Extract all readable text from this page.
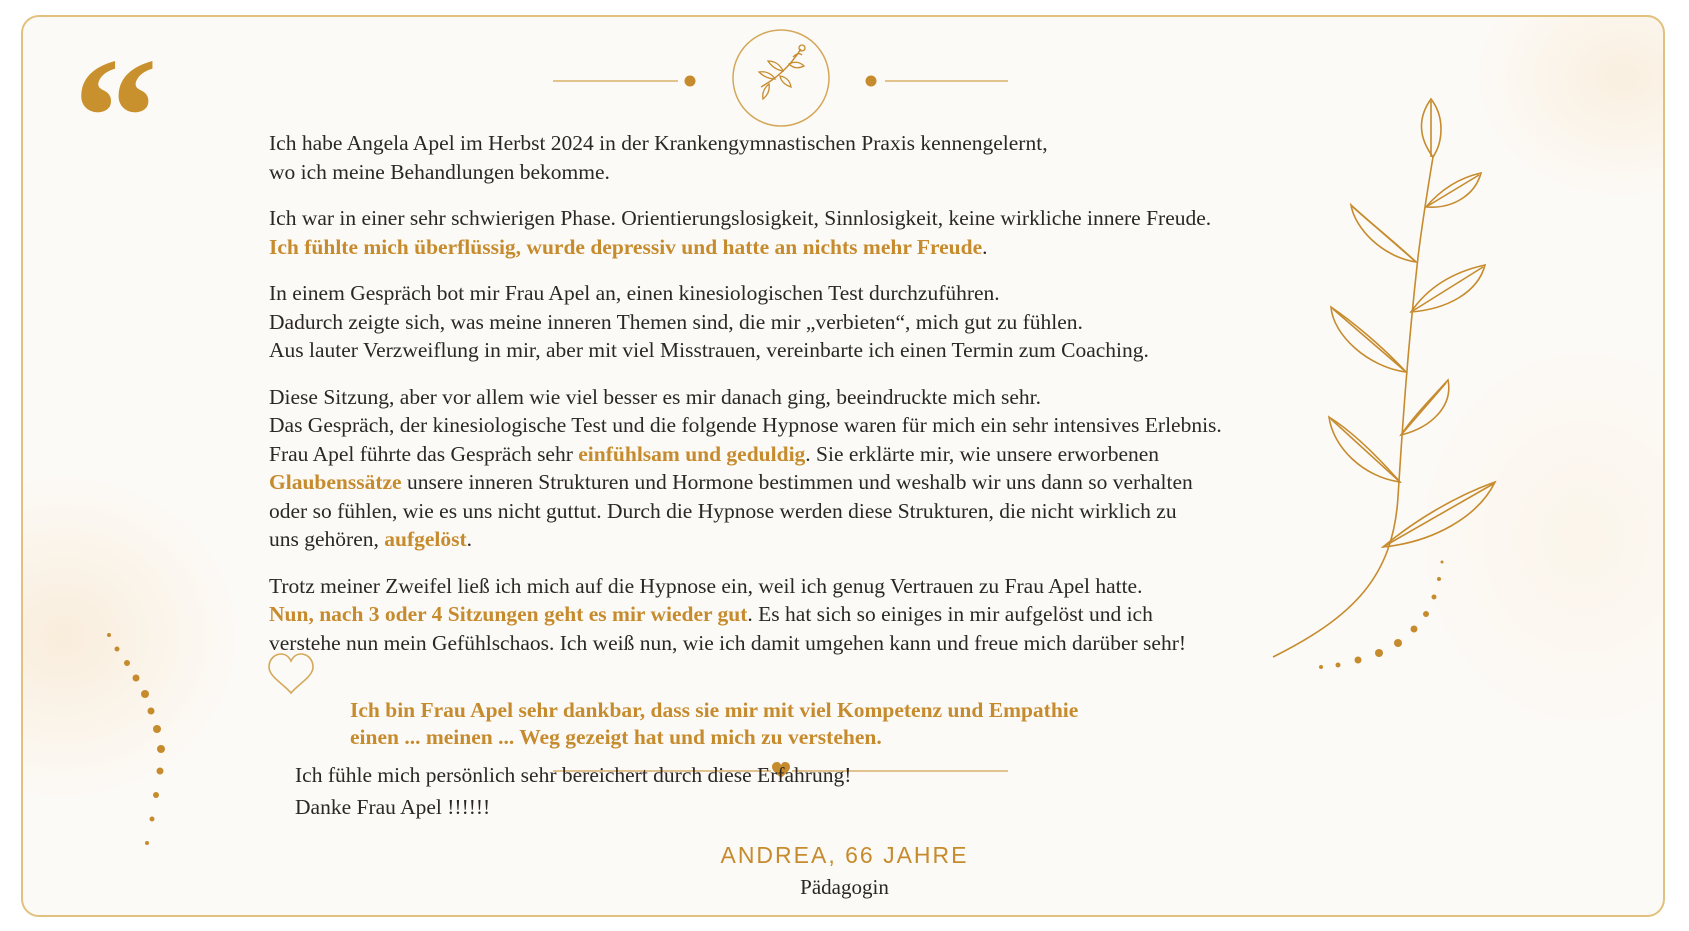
“	Ich habe Angela Apel im Herbst 2024 in der Krankengymnastischen Praxis kennengelernt,
wo ich meine Behandlungen bekomme.

Ich war in einer sehr schwierigen Phase. Orientierungslosigkeit, Sinnlosigkeit, keine wirkliche innere Freude.
Ich fühlte mich überflüssig, wurde depressiv und hatte an nichts mehr Freude.

In einem Gespräch bot mir Frau Apel an, einen kinesiologischen Test durchzuführen.
Dadurch zeigte sich, was meine inneren Themen sind, die mir „verbieten“, mich gut zu fühlen.
Aus lauter Verzweiflung in mir, aber mit viel Misstrauen, vereinbarte ich einen Termin zum Coaching.

Diese Sitzung, aber vor allem wie viel besser es mir danach ging, beeindruckte mich sehr.
Das Gespräch, der kinesiologische Test und die folgende Hypnose waren für mich ein sehr intensives Erlebnis.
Frau Apel führte das Gespräch sehr einfühlsam und geduldig. Sie erklärte mir, wie unsere erworbenen
Glaubenssätze unsere inneren Strukturen und Hormone bestimmen und weshalb wir uns dann so verhalten
oder so fühlen, wie es uns nicht guttut. Durch die Hypnose werden diese Strukturen, die nicht wirklich zu
uns gehören, aufgelöst.

Trotz meiner Zweifel ließ ich mich auf die Hypnose ein, weil ich genug Vertrauen zu Frau Apel hatte.
Nun, nach 3 oder 4 Sitzungen geht es mir wieder gut. Es hat sich so einiges in mir aufgelöst und ich
verstehe nun mein Gefühlschaos. Ich weiß nun, wie ich damit umgehen kann und freue mich darüber sehr!

Ich bin Frau Apel sehr dankbar, dass sie mir mit viel Kompetenz und Empathie
einen ... meinen ... Weg gezeigt hat und mich zu verstehen.
Ich fühle mich persönlich sehr bereichert durch diese Erfahrung!
Danke Frau Apel !!!!!!
ANDREA, 66 JAHRE
Pädagogin
